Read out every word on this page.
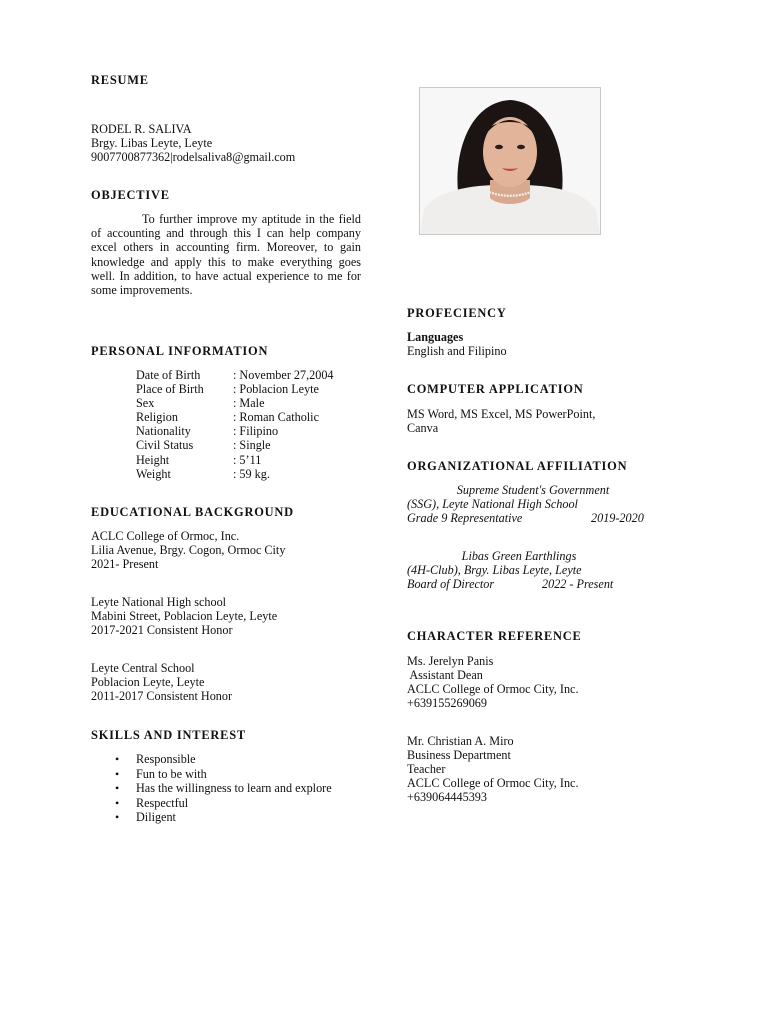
RESUME
RODEL R. SALIVA
Brgy. Libas Leyte, Leyte
9007700877362|rodelsaliva8@gmail.com
OBJECTIVE
To further improve my aptitude in the field of accounting and through this I can help company excel others in accounting firm. Moreover, to gain knowledge and apply this to make everything goes well. In addition, to have actual experience to me for some improvements.
PERSONAL INFORMATION
Date of Birth	: November 27,2004
Place of Birth	: Poblacion Leyte
Sex	: Male
Religion	: Roman Catholic
Nationality	: Filipino
Civil Status	: Single
Height	: 5’11
Weight	: 59 kg.
EDUCATIONAL BACKGROUND
ACLC College of Ormoc, Inc.
Lilia Avenue, Brgy. Cogon, Ormoc City
2021- Present
Leyte National High school
Mabini Street, Poblacion Leyte, Leyte
2017-2021 Consistent Honor
Leyte Central School
Poblacion Leyte, Leyte
2011-2017 Consistent Honor
SKILLS AND INTEREST
• Responsible
• Fun to be with
• Has the willingness to learn and explore
• Respectful
• Diligent
PROFECIENCY
Languages
English and Filipino
COMPUTER APPLICATION
MS Word, MS Excel, MS PowerPoint,
Canva
ORGANIZATIONAL AFFILIATION
Supreme Student's Government
(SSG), Leyte National High School
Grade 9 Representative	2019-2020
Libas Green Earthlings
(4H-Club), Brgy. Libas Leyte, Leyte
Board of Director	2022 - Present
CHARACTER REFERENCE
Ms. Jerelyn Panis
Assistant Dean
ACLC College of Ormoc City, Inc.
+639155269069
Mr. Christian A. Miro
Business Department
Teacher
ACLC College of Ormoc City, Inc.
+639064445393
